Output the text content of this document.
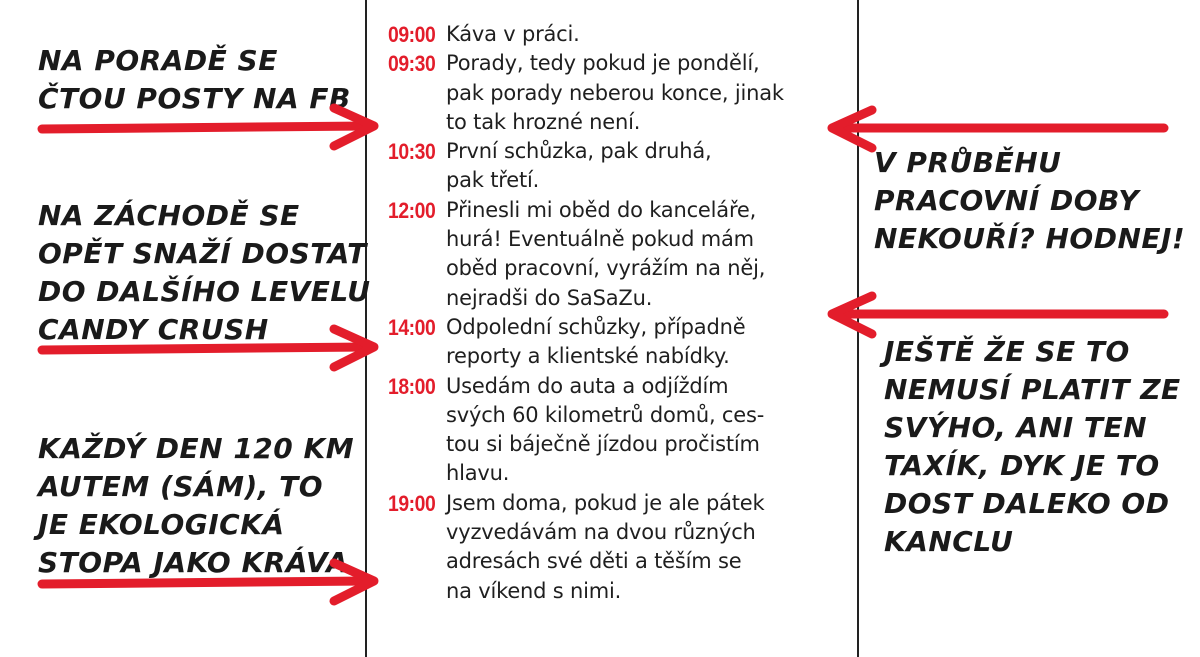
NA PORADĚ SE
ČTOU POSTY NA FB

NA ZÁCHODĚ SE
OPĚT SNAŽÍ DOSTAT
DO DALŠÍHO LEVELU
CANDY CRUSH

KAŽDÝ DEN 120 KM
AUTEM (SÁM), TO
JE EKOLOGICKÁ
STOPA JAKO KRÁVA

V PRŮBĚHU
PRACOVNÍ DOBY
NEKOUŘÍ? HODNEJ!

JEŠTĚ ŽE SE TO
NEMUSÍ PLATIT ZE
SVÝHO, ANI TEN
TAXÍK, DYK JE TO
DOST DALEKO OD
KANCLU

09:00 Káva v práci.
09:30 Porady, tedy pokud je pondělí,
pak porady neberou konce, jinak
to tak hrozné není.
10:30 První schůzka, pak druhá,
pak třetí.
12:00 Přinesli mi oběd do kanceláře,
hurá! Eventuálně pokud mám
oběd pracovní, vyrážím na něj,
nejradši do SaSaZu.
14:00 Odpolední schůzky, případně
reporty a klientské nabídky.
18:00 Usedám do auta a odjíždím
svých 60 kilometrů domů, ces-
tou si báječně jízdou pročistím
hlavu.
19:00 Jsem doma, pokud je ale pátek
vyzvedávám na dvou různých
adresách své děti a těším se
na víkend s nimi.
